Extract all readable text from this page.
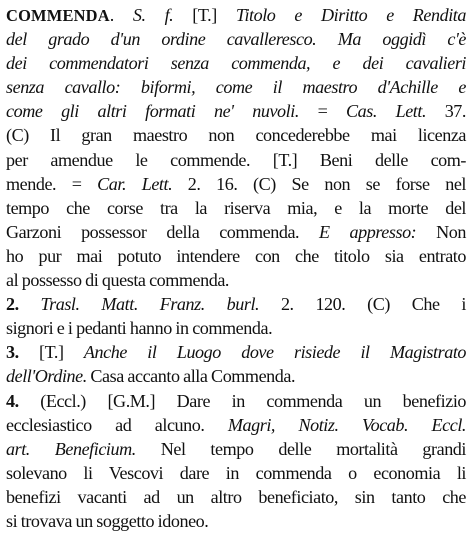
COMMENDA. S. f. [T.] Titolo e Diritto e Rendita
del grado d'un ordine cavalleresco. Ma oggidì c'è
dei commendatori senza commenda, e dei cavalieri
senza cavallo: biformi, come il maestro d'Achille e
come gli altri formati ne' nuvoli. = Cas. Lett. 37.
(C) Il gran maestro non concederebbe mai licenza
per amendue le commende. [T.] Beni delle com-
mende. = Car. Lett. 2. 16. (C) Se non se forse nel
tempo che corse tra la riserva mia, e la morte del
Garzoni possessor della commenda. E appresso: Non
ho pur mai potuto intendere con che titolo sia entrato
al possesso di questa commenda.
2. Trasl. Matt. Franz. burl. 2. 120. (C) Che i
signori e i pedanti hanno in commenda.
3. [T.] Anche il Luogo dove risiede il Magistrato
dell'Ordine. Casa accanto alla Commenda.
4. (Eccl.) [G.M.] Dare in commenda un benefizio
ecclesiastico ad alcuno. Magri, Notiz. Vocab. Eccl.
art. Beneficium. Nel tempo delle mortalità grandi
solevano li Vescovi dare in commenda o economia li
benefizi vacanti ad un altro beneficiato, sin tanto che
si trovava un soggetto idoneo.
